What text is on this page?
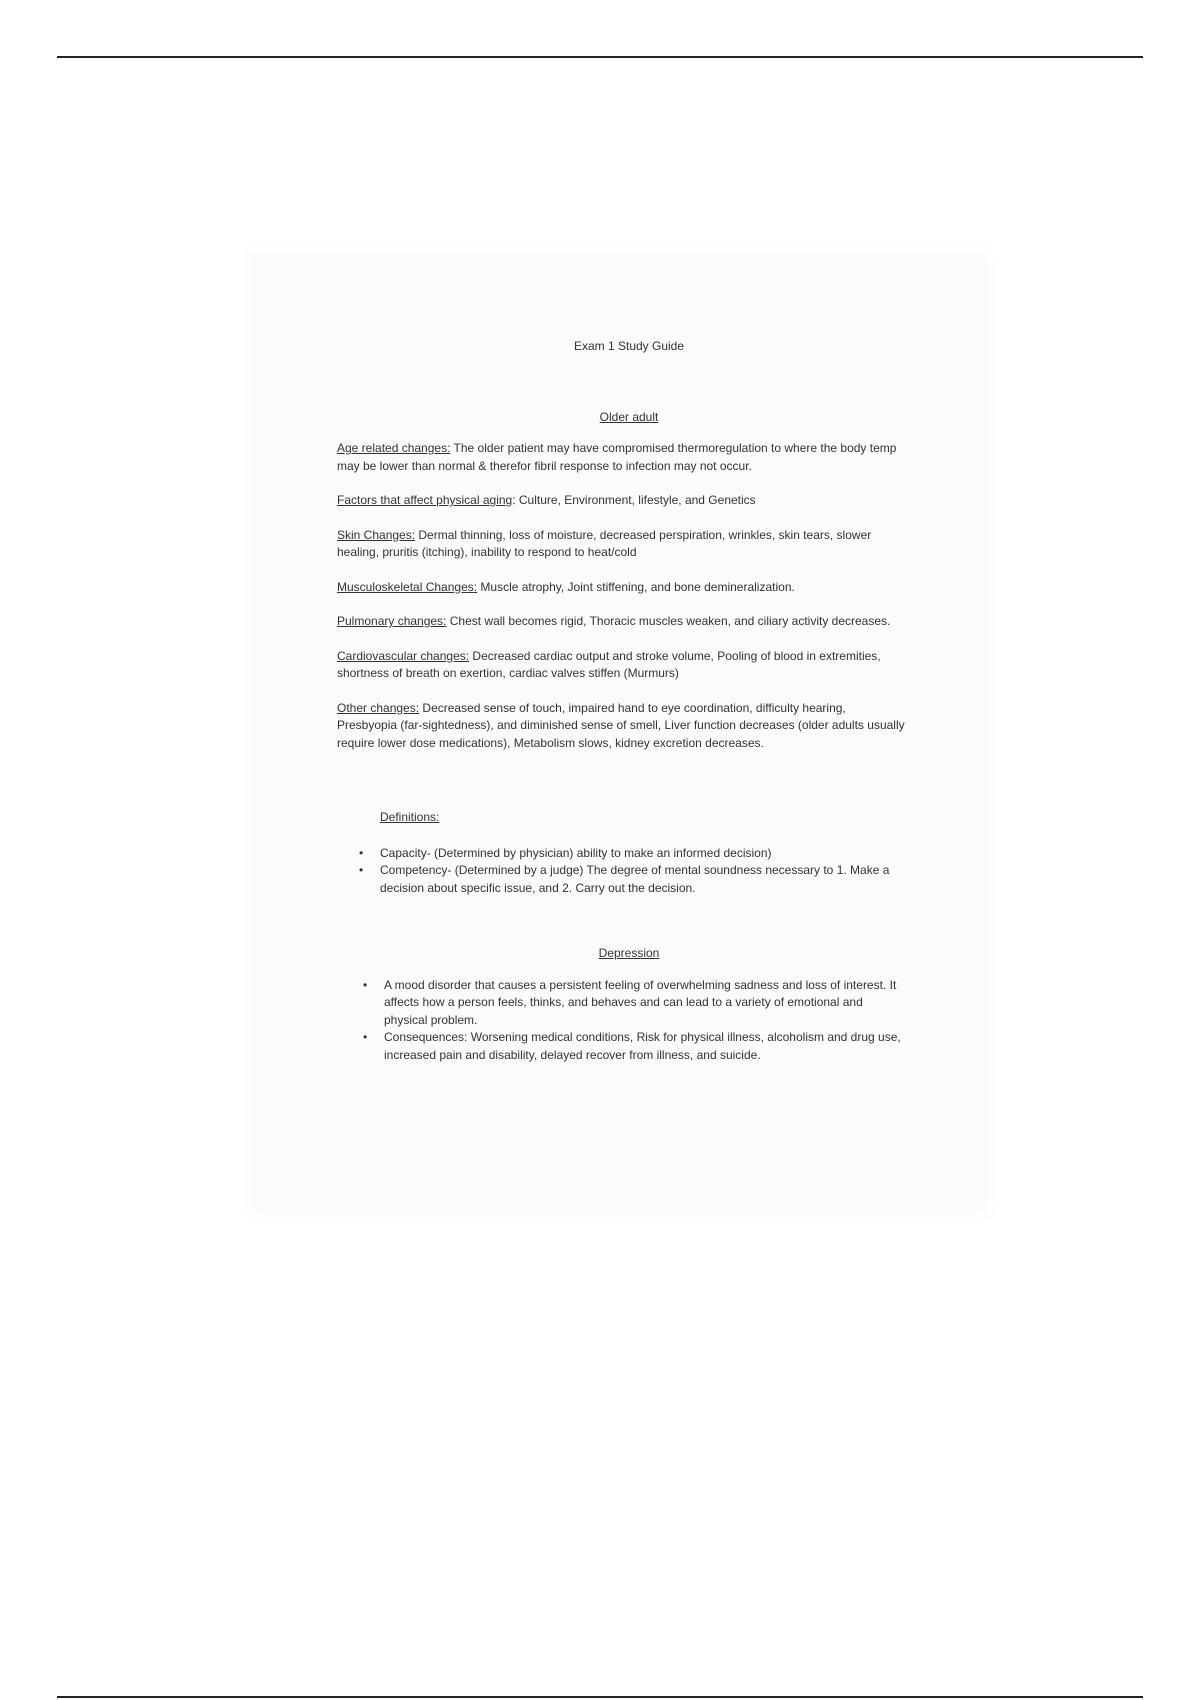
Exam 1 Study Guide
Older adult
Age related changes: The older patient may have compromised thermoregulation to where the body temp may be lower than normal & therefor fibril response to infection may not occur.
Factors that affect physical aging: Culture, Environment, lifestyle, and Genetics
Skin Changes: Dermal thinning, loss of moisture, decreased perspiration, wrinkles, skin tears, slower healing, pruritis (itching), inability to respond to heat/cold
Musculoskeletal Changes: Muscle atrophy, Joint stiffening, and bone demineralization.
Pulmonary changes: Chest wall becomes rigid, Thoracic muscles weaken, and ciliary activity decreases.
Cardiovascular changes: Decreased cardiac output and stroke volume, Pooling of blood in extremities, shortness of breath on exertion, cardiac valves stiffen (Murmurs)
Other changes: Decreased sense of touch, impaired hand to eye coordination, difficulty hearing, Presbyopia (far-sightedness), and diminished sense of smell, Liver function decreases (older adults usually require lower dose medications), Metabolism slows, kidney excretion decreases.
Definitions:
• Capacity- (Determined by physician) ability to make an informed decision)
• Competency- (Determined by a judge) The degree of mental soundness necessary to 1. Make a decision about specific issue, and 2. Carry out the decision.
Depression
• A mood disorder that causes a persistent feeling of overwhelming sadness and loss of interest. It affects how a person feels, thinks, and behaves and can lead to a variety of emotional and physical problem.
• Consequences: Worsening medical conditions, Risk for physical illness, alcoholism and drug use, increased pain and disability, delayed recover from illness, and suicide.
